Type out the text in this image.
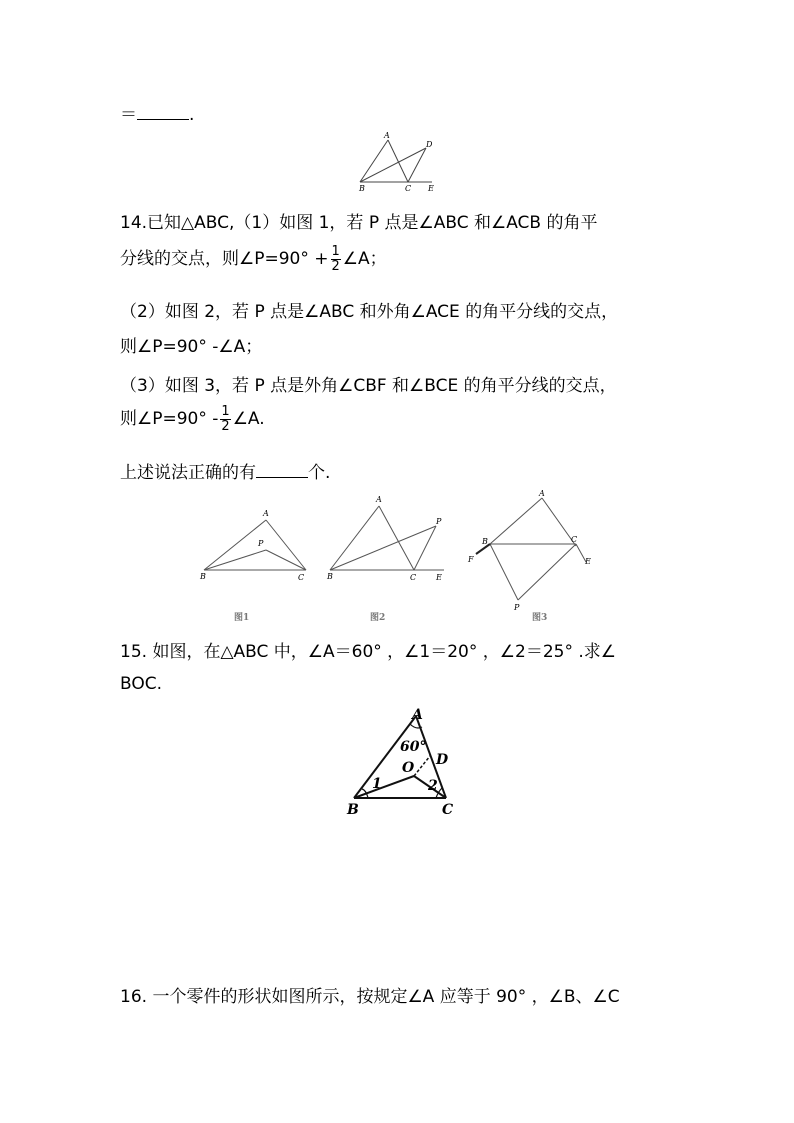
＝	.
A
D
B	C E
14.已知△ABC,（1）如图 1，若 P 点是∠ABC 和∠ACB 的角平
分线的交点，则∠P=90° + $\frac{1}{2}$ ∠A；
（2）如图 2，若 P 点是∠ABC 和外角∠ACE 的角平分线的交点，
则∠P=90° -∠A；
（3）如图 3，若 P 点是外角∠CBF 和∠BCE 的角平分线的交点，
则∠P=90° - $\frac{1}{2}$ ∠A.
上述说法正确的有	个.
A
P
B	C
图1
A
P
B	C E
图2
A
B	C
F	E
P
图3
15. 如图，在△ABC 中，∠A＝60° ，∠1＝20° ，∠2＝25° .求∠
BOC.
A
60°
D
O
1	2
B	C
16. 一个零件的形状如图所示，按规定∠A 应等于 90° ，∠B、∠C
